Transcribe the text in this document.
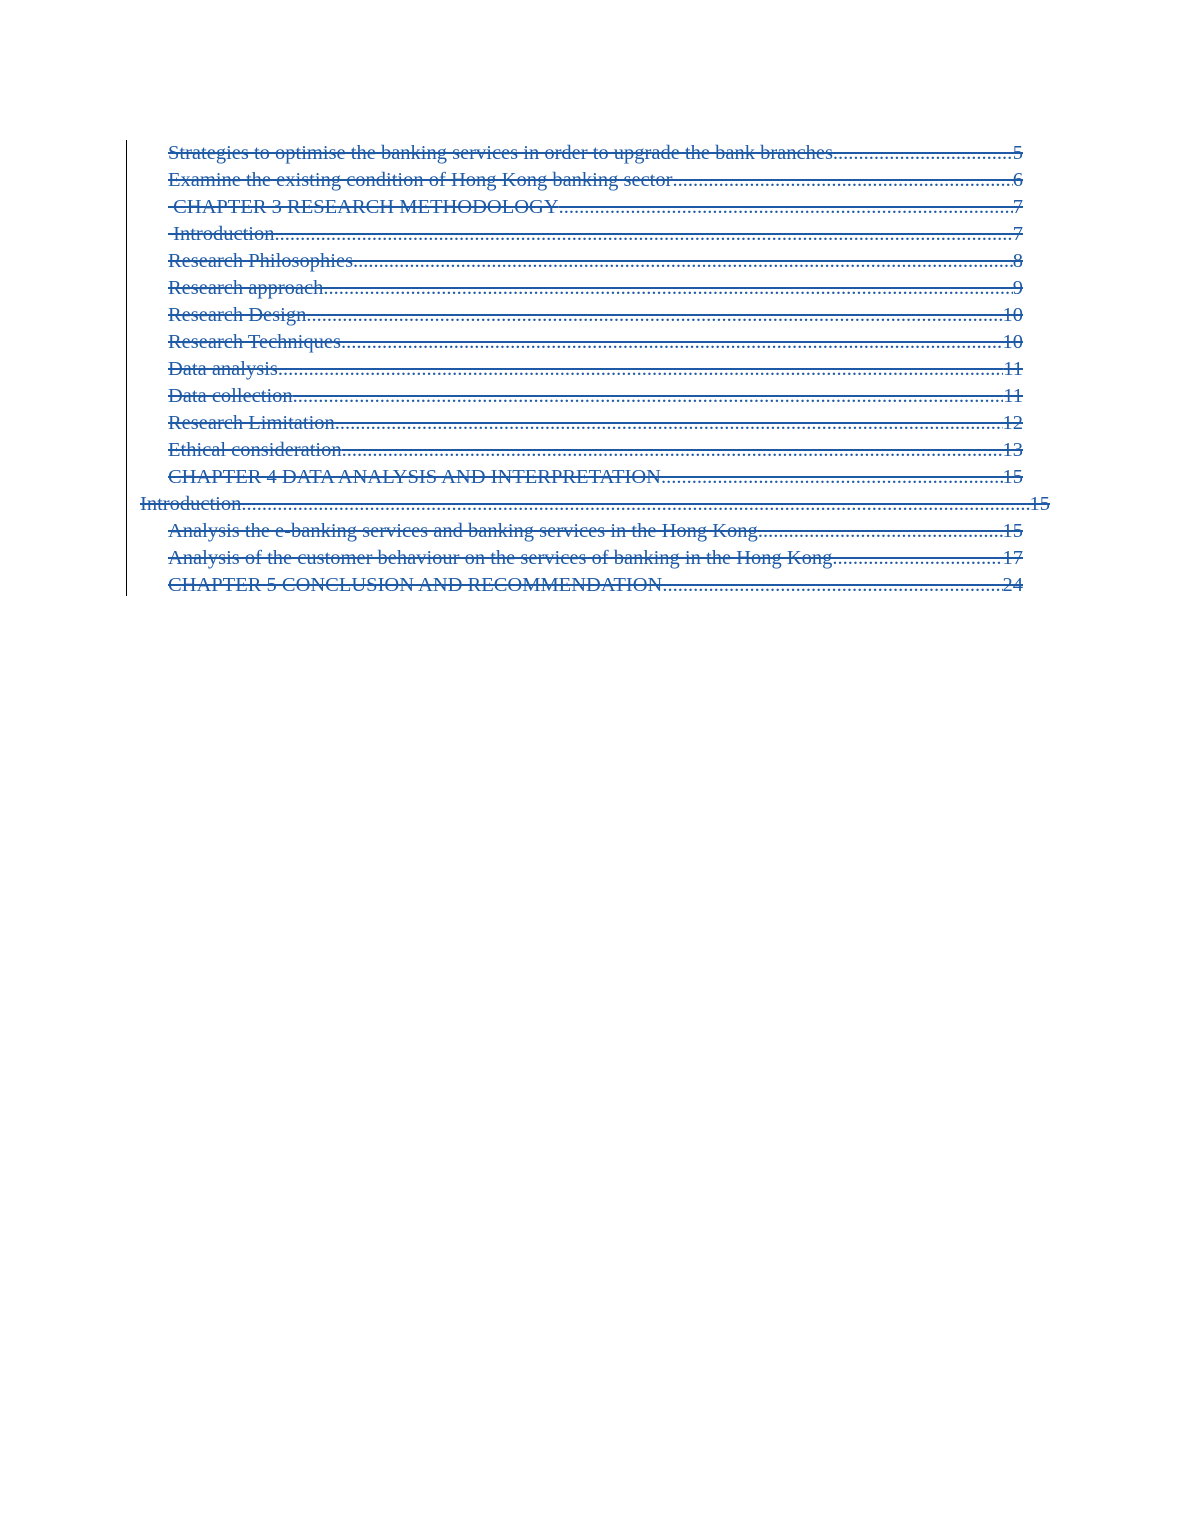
Strategies to optimise the banking services in order to upgrade the bank branches .....	5
Examine the existing condition of Hong Kong banking sector .....	6
CHAPTER 3 RESEARCH METHODOLOGY .....	7
Introduction .....	7
Research Philosophies .....	8
Research approach .....	9
Research Design .....	10
Research Techniques .....	10
Data analysis .....	11
Data collection .....	11
Research Limitation .....	12
Ethical consideration .....	13
CHAPTER 4 DATA ANALYSIS AND INTERPRETATION .....	15
Introduction .....	15
Analysis the e-banking services and banking services in the Hong Kong .....	15
Analysis of the customer behaviour on the services of banking in the Hong Kong .....	17
CHAPTER 5 CONCLUSION AND RECOMMENDATION .....	24
